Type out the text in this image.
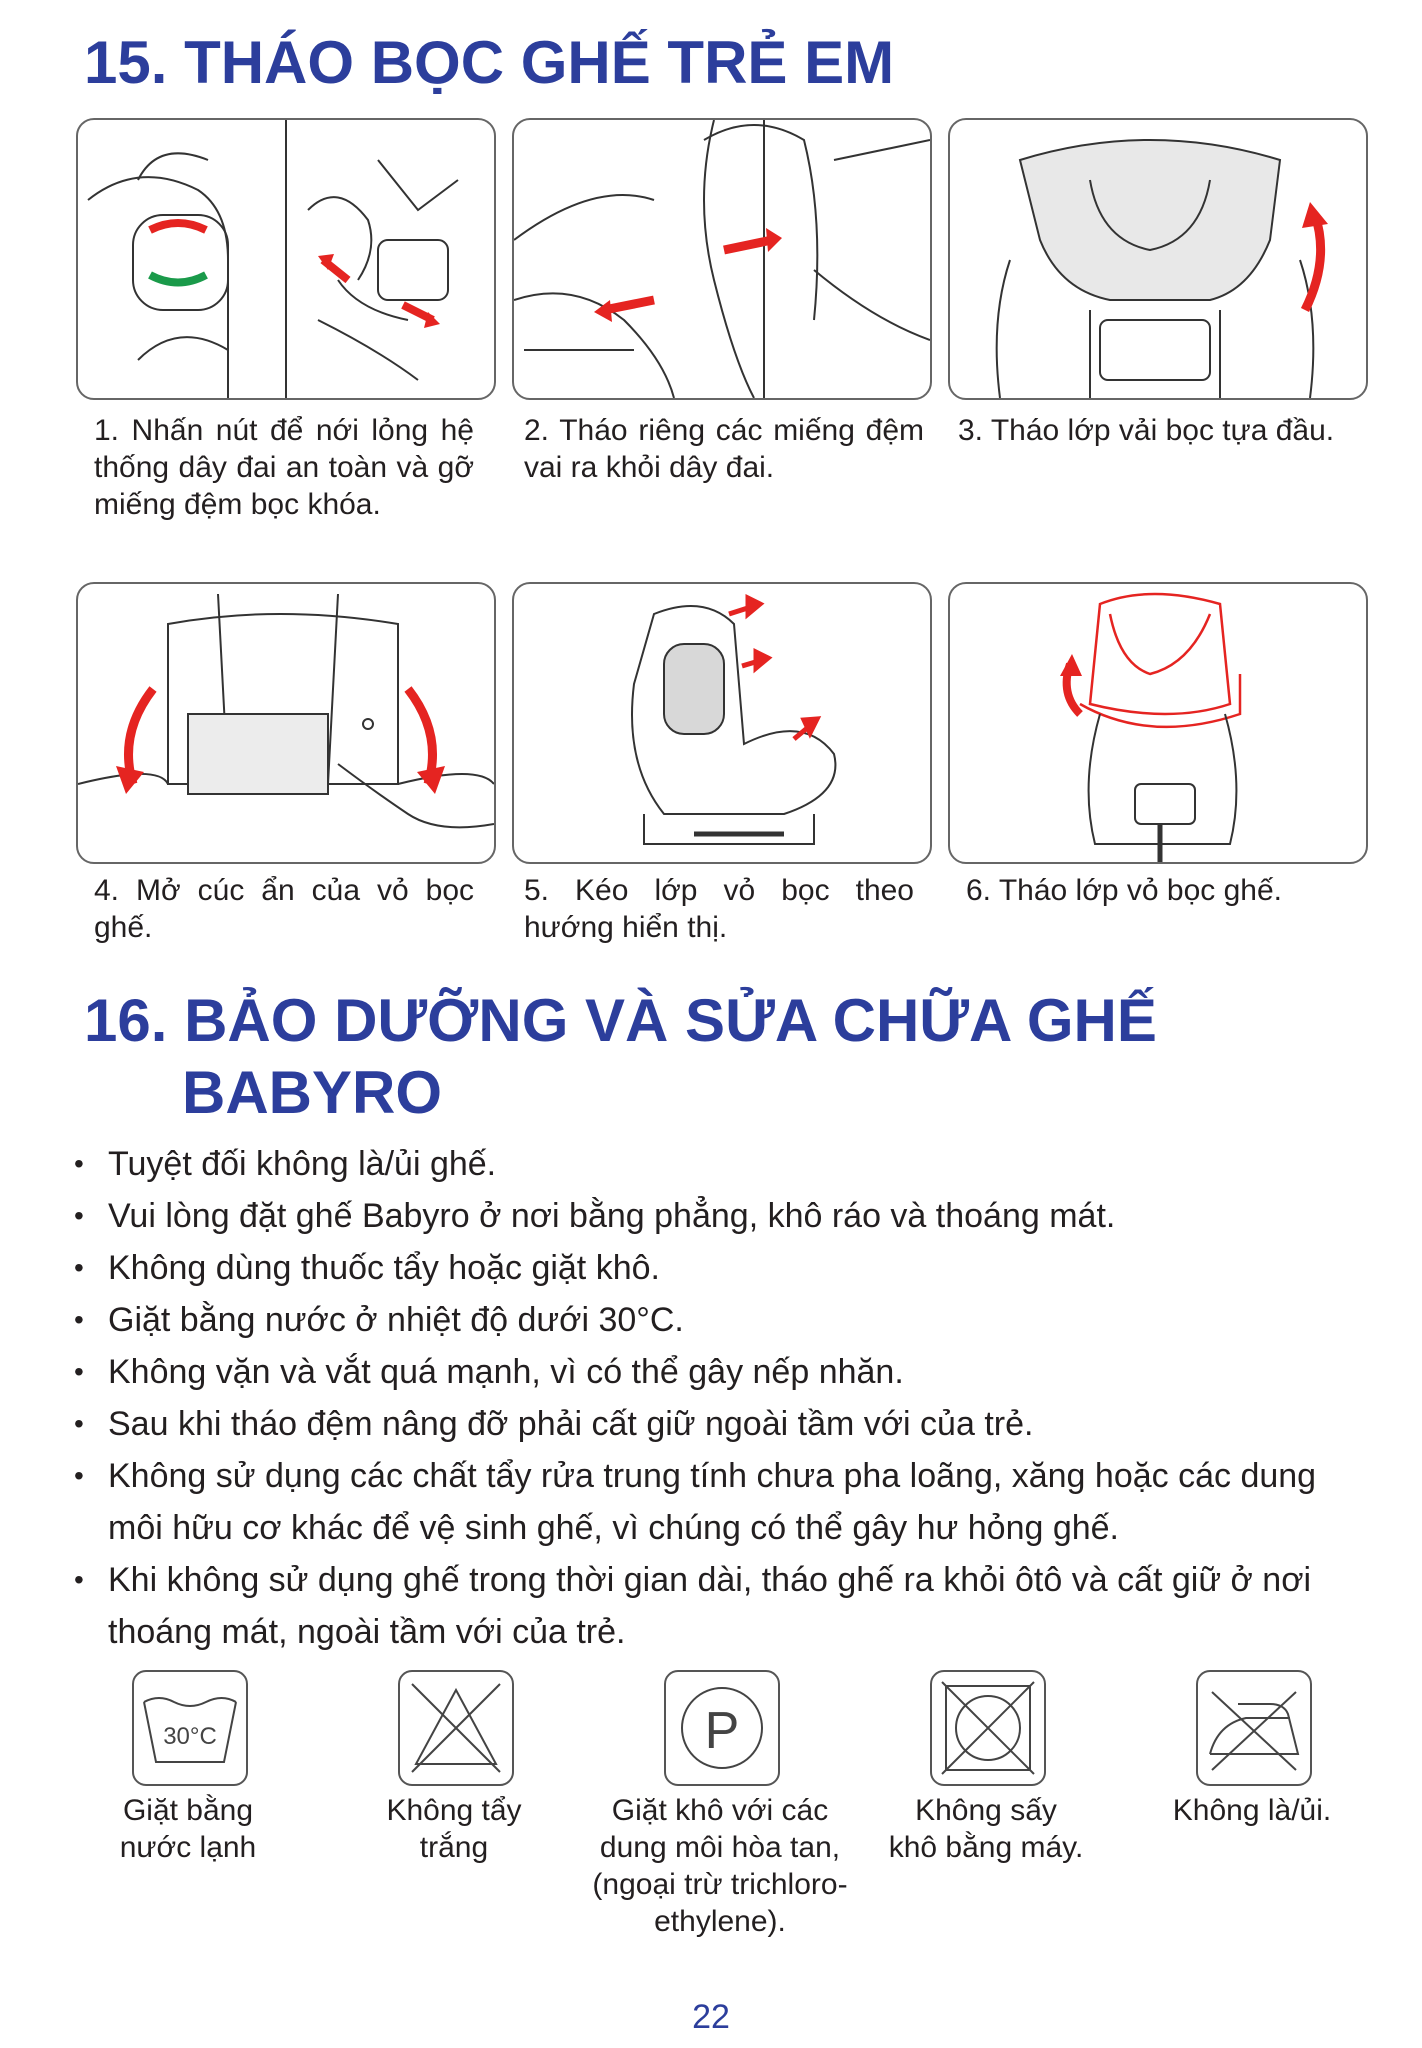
15. THÁO BỌC GHẾ TRẺ EM
1. Nhấn nút để nới lỏng hệ thống dây đai an toàn và gỡ miếng đệm bọc khóa.
2. Tháo riêng các miếng đệm vai ra khỏi dây đai.
3. Tháo lớp vải bọc tựa đầu.
4. Mở cúc ẩn của vỏ bọc ghế.
5. Kéo lớp vỏ bọc theo hướng hiển thị.
6. Tháo lớp vỏ bọc ghế.
16. BẢO DƯỠNG VÀ SỬA CHỮA GHẾ
BABYRO
• Tuyệt đối không là/ủi ghế.
• Vui lòng đặt ghế Babyro ở nơi bằng phẳng, khô ráo và thoáng mát.
• Không dùng thuốc tẩy hoặc giặt khô.
• Giặt bằng nước ở nhiệt độ dưới 30°C.
• Không vặn và vắt quá mạnh, vì có thể gây nếp nhăn.
• Sau khi tháo đệm nâng đỡ phải cất giữ ngoài tầm với của trẻ.
• Không sử dụng các chất tẩy rửa trung tính chưa pha loãng, xăng hoặc các dung môi hữu cơ khác để vệ sinh ghế, vì chúng có thể gây hư hỏng ghế.
• Khi không sử dụng ghế trong thời gian dài, tháo ghế ra khỏi ôtô và cất giữ ở nơi thoáng mát, ngoài tầm với của trẻ.
30°C	P
Giặt bằng
nước lạnh
Không tẩy
trắng
Giặt khô với các
dung môi hòa tan,
(ngoại trừ trichloro-
ethylene).
Không sấy
khô bằng máy.
Không là/ủi.
22
